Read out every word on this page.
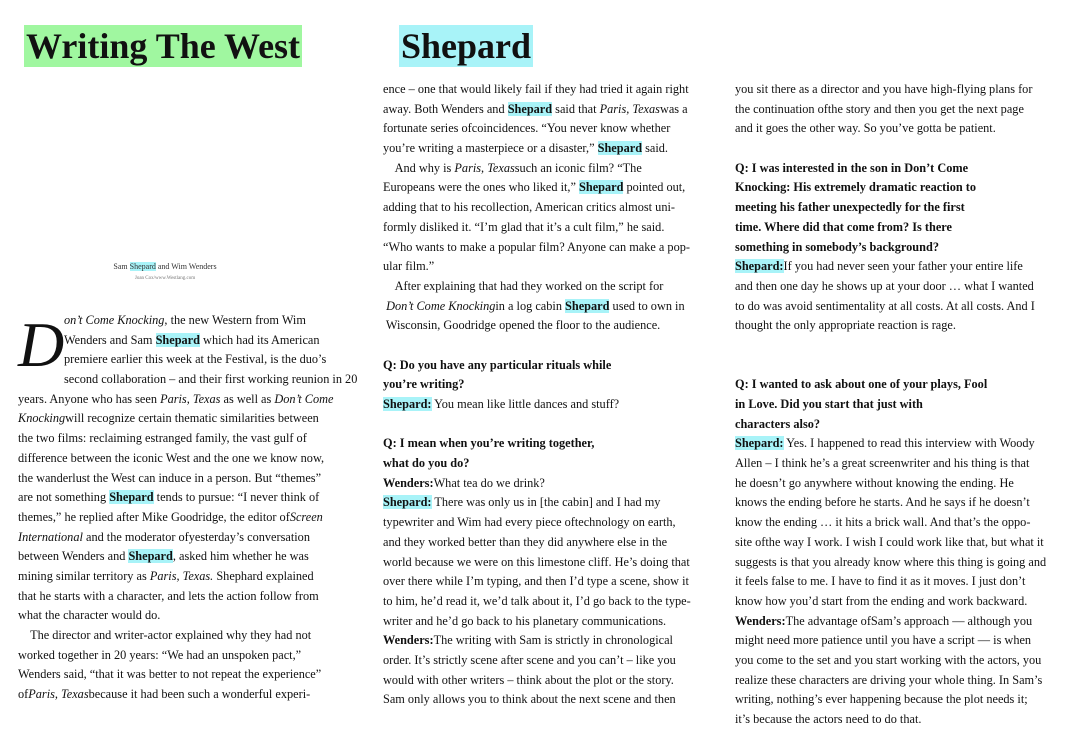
Writing The West	Shepard
Sam Shepard and Wim Wenders
Joan Cox/www.Westlang.com
D on’t Come Knocking, the new Western from Wim

Wenders and Sam Shepard which had its American

premiere earlier this week at the Festival, is the duo’s

second collaboration – and their first working reunion in 20

years. Anyone who has seen Paris, Texas as well as Don’t Come

Knockingwill recognize certain thematic similarities between

the two films: reclaiming estranged family, the vast gulf of

difference between the iconic West and the one we know now,

the wanderlust the West can induce in a person. But “themes”

are not something Shepard tends to pursue: “I never think of

themes,” he replied after Mike Goodridge, the editor ofScreen

International and the moderator ofyesterday’s conversation

between Wenders and Shepard, asked him whether he was

mining similar territory as Paris, Texas. Shephard explained

that he starts with a character, and lets the action follow from

what the character would do.

The director and writer-actor explained why they had not

worked together in 20 years: “We had an unspoken pact,”

Wenders said, “that it was better to not repeat the experience”

ofParis, Texasbecause it had been such a wonderful experi-

ence – one that would likely fail if they had tried it again right

away. Both Wenders and Shepard said that Paris, Texaswas a

fortunate series ofcoincidences. “You never know whether

you’re writing a masterpiece or a disaster,” Shepard said.

And why is Paris, Texassuch an iconic film? “The

Europeans were the ones who liked it,” Shepard pointed out,

adding that to his recollection, American critics almost uni-

formly disliked it. “I’m glad that it’s a cult film,” he said.

“Who wants to make a popular film? Anyone can make a pop-

ular film.”

After explaining that had they worked on the script for

Don’t Come Knockingin a log cabin Shepard used to own in

Wisconsin, Goodridge opened the floor to the audience.

Q: Do you have any particular rituals while

you’re writing?

Shepard: You mean like little dances and stuff?

Q: I mean when you’re writing together,

what do you do?

Wenders:What tea do we drink?

Shepard: There was only us in [the cabin] and I had my

typewriter and Wim had every piece oftechnology on earth,

and they worked better than they did anywhere else in the

world because we were on this limestone cliff. He’s doing that

over there while I’m typing, and then I’d type a scene, show it

to him, he’d read it, we’d talk about it, I’d go back to the type-

writer and he’d go back to his planetary communications.

Wenders:The writing with Sam is strictly in chronological

order. It’s strictly scene after scene and you can’t – like you

would with other writers – think about the plot or the story.

Sam only allows you to think about the next scene and then

you sit there as a director and you have high-flying plans for

the continuation ofthe story and then you get the next page

and it goes the other way. So you’ve gotta be patient.

Q: I was interested in the son in Don’t Come

Knocking: His extremely dramatic reaction to

meeting his father unexpectedly for the first

time. Where did that come from? Is there

something in somebody’s background?

Shepard:If you had never seen your father your entire life

and then one day he shows up at your door … what I wanted

to do was avoid sentimentality at all costs. At all costs. And I

thought the only appropriate reaction is rage.

Q: I wanted to ask about one of your plays, Fool

in Love. Did you start that just with

characters also?

Shepard: Yes. I happened to read this interview with Woody

Allen – I think he’s a great screenwriter and his thing is that

he doesn’t go anywhere without knowing the ending. He

knows the ending before he starts. And he says if he doesn’t

know the ending … it hits a brick wall. And that’s the oppo-

site ofthe way I work. I wish I could work like that, but what it

suggests is that you already know where this thing is going and

it feels false to me. I have to find it as it moves. I just don’t

know how you’d start from the ending and work backward.

Wenders:The advantage ofSam’s approach — although you

might need more patience until you have a script — is when

you come to the set and you start working with the actors, you

realize these characters are driving your whole thing. In Sam’s

writing, nothing’s ever happening because the plot needs it;

it’s because the actors need to do that.
